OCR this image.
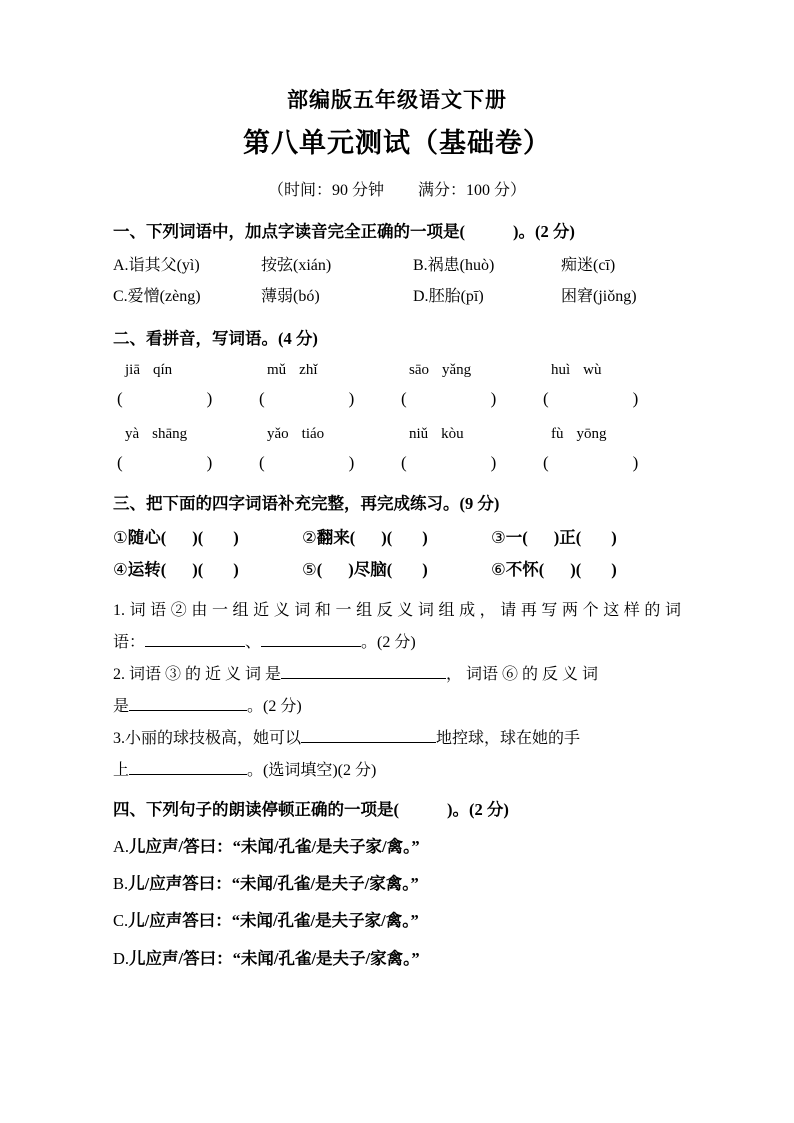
部编版五年级语文下册
第八单元测试（基础卷）
（时间：90 分钟 满分：100 分）
一、下列词语中，加点字读音完全正确的一项是(	)。(2 分)
A.诣其父(yì)	按弦(xián)	B.祸患(huò)	痴迷(cī)
C.爱憎(zèng)	薄弱(bó)	D.胚胎(pī)	困窘(jiǒng)
二、看拼音，写词语。(4 分)
jiā qín	mǔ zhǐ	sāo yǎng	huì wù
(	)	(	)	(	)	(	)
yà shāng	yǎo tiáo	niǔ kòu	fù yōng
(	)	(	)	(	)	(	)
三、把下面的四字词语补充完整，再完成练习。(9 分)
①随心( )( )	②翻来( )( )	③一( )正( )
④运转( )( )	⑤( )尽脑( )	⑥不怀( )( )
1.词语②由一组近义词和一组反义词组成，请再写两个这样的词
语：	、	。(2 分)
2. 词语 ③ 的 近 义 词 是	， 词语 ⑥ 的 反 义 词
是	。(2 分)
3.小丽的球技极高，她可以	地控球，球在她的手
上	。(选词填空)(2 分)
四、下列句子的朗读停顿正确的一项是(	)。(2 分)
A.儿应声/答曰：“未闻/孔雀/是夫子家/禽。”
B.儿/应声答曰：“未闻/孔雀/是夫子/家禽。”
C.儿/应声答曰：“未闻/孔雀/是夫子家/禽。”
D.儿应声/答曰：“未闻/孔雀/是夫子/家禽。”
